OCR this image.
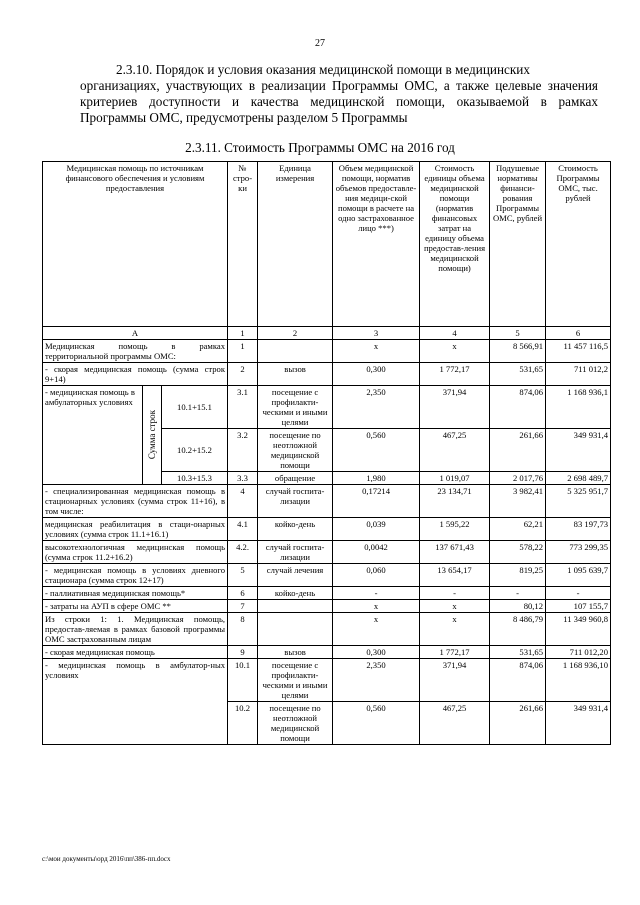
27
2.3.10. Порядок и условия оказания медицинской помощи в медицинских
организациях, участвующих в реализации Программы ОМС, а также целевые значения критериев доступности и качества медицинской помощи, оказываемой в рамках Программы ОМС, предусмотрены разделом 5 Программы
2.3.11. Стоимость Программы ОМС на 2016 год
Медицинская помощь по источникам финансового обеспечения и условиям предоставления			№ стро-ки	Единица измерения	Объем медицинской помощи, норматив объемов предоставле-ния медици-ской помощи в расчете на одно застрахованное лицо ***)	Стоимость единицы объема медицинской помощи (норматив финансовых затрат на единицу объема предостав-ления медицинской помощи)	Подушевые нормативы финанси-рования Программы ОМС, рублей	Стоимость Программы ОМС, тыс. рублей
А			1	2	3	4	5	6
Медицинская помощь в рамках территориальной программы ОМС:			1		х	х	8 566,91	11 457 116,5
- скорая медицинская помощь (сумма строк 9+14)			2	вызов	0,300	1 772,17	531,65	711 012,2
- медицинская помощь в амбулаторных условиях	Сумма строк	10.1+15.1	3.1	посещение с профилакти-ческими и иными целями	2,350	371,94	874,06	1 168 936,1
		10.2+15.2	3.2	посещение по неотложной медицинской помощи	0,560	467,25	261,66	349 931,4
		10.3+15.3	3.3	обращение	1,980	1 019,07	2 017,76	2 698 489,7
- специализированная медицинская помощь в стационарных условиях (сумма строк 11+16), в том числе:			4	случай госпита-лизации	0,17214	23 134,71	3 982,41	5 325 951,7
медицинская реабилитация в стаци-онарных условиях (сумма строк 11.1+16.1)			4.1	койко-день	0,039	1 595,22	62,21	83 197,73
высокотехнологичная медицинская помощь (сумма строк 11.2+16.2)			4.2.	случай госпита-лизации	0,0042	137 671,43	578,22	773 299,35
- медицинская помощь в условиях дневного стационара (сумма строк 12+17)			5	случай лечения	0,060	13 654,17	819,25	1 095 639,7
- паллиативная медицинская помощь*			6	койко-день	-	-	-	-
- затраты на АУП в сфере ОМС **			7		х	х	80,12	107 155,7
Из строки 1: 1. Медицинская помощь, предостав-ляемая в рамках базовой программы ОМС застрахованным лицам			8		х	х	8 486,79	11 349 960,8
- скорая медицинская помощь			9	вызов	0,300	1 772,17	531,65	711 012,20
- медицинская помощь в амбулатор-ных условиях			10.1	посещение с профилакти-ческими и иными целями	2,350	371,94	874,06	1 168 936,10
			10.2	посещение по неотложной медицинской помощи	0,560	467,25	261,66	349 931,4
c:\мои документы\орд 2016\пп\386-пп.docx
